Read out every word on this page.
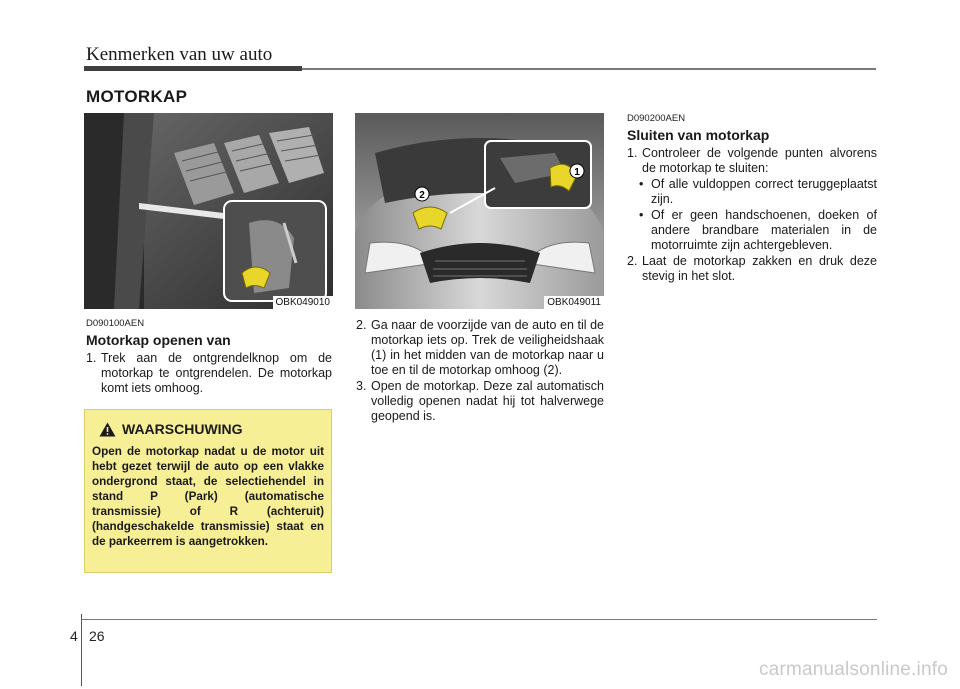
Kenmerken van uw auto
MOTORKAP
OBK049010
1
2
OBK049011
D090100AEN
Motorkap openen van
1. Trek aan de ontgrendelknop om de motorkap te ontgrendelen. De motorkap komt iets omhoog.
WAARSCHUWING
Open de motorkap nadat u de motor uit hebt gezet terwijl de auto op een vlakke ondergrond staat, de selectiehendel in stand P (Park) (automatische transmissie) of R (achteruit) (handgeschakelde transmissie) staat en de parkeerrem is aangetrokken.
2. Ga naar de voorzijde van de auto en til de motorkap iets op. Trek de veiligheidshaak (1) in het midden van de motorkap naar u toe en til de motorkap omhoog (2).
3. Open de motorkap. Deze zal automatisch volledig openen nadat hij tot halverwege geopend is.
D090200AEN
Sluiten van motorkap
1. Controleer de volgende punten alvorens de motorkap te sluiten:
• Of alle vuldoppen correct teruggeplaatst zijn.
• Of er geen handschoenen, doeken of andere brandbare materialen in de motorruimte zijn achtergebleven.
2. Laat de motorkap zakken en druk deze stevig in het slot.
4 26
carmanualsonline.info
